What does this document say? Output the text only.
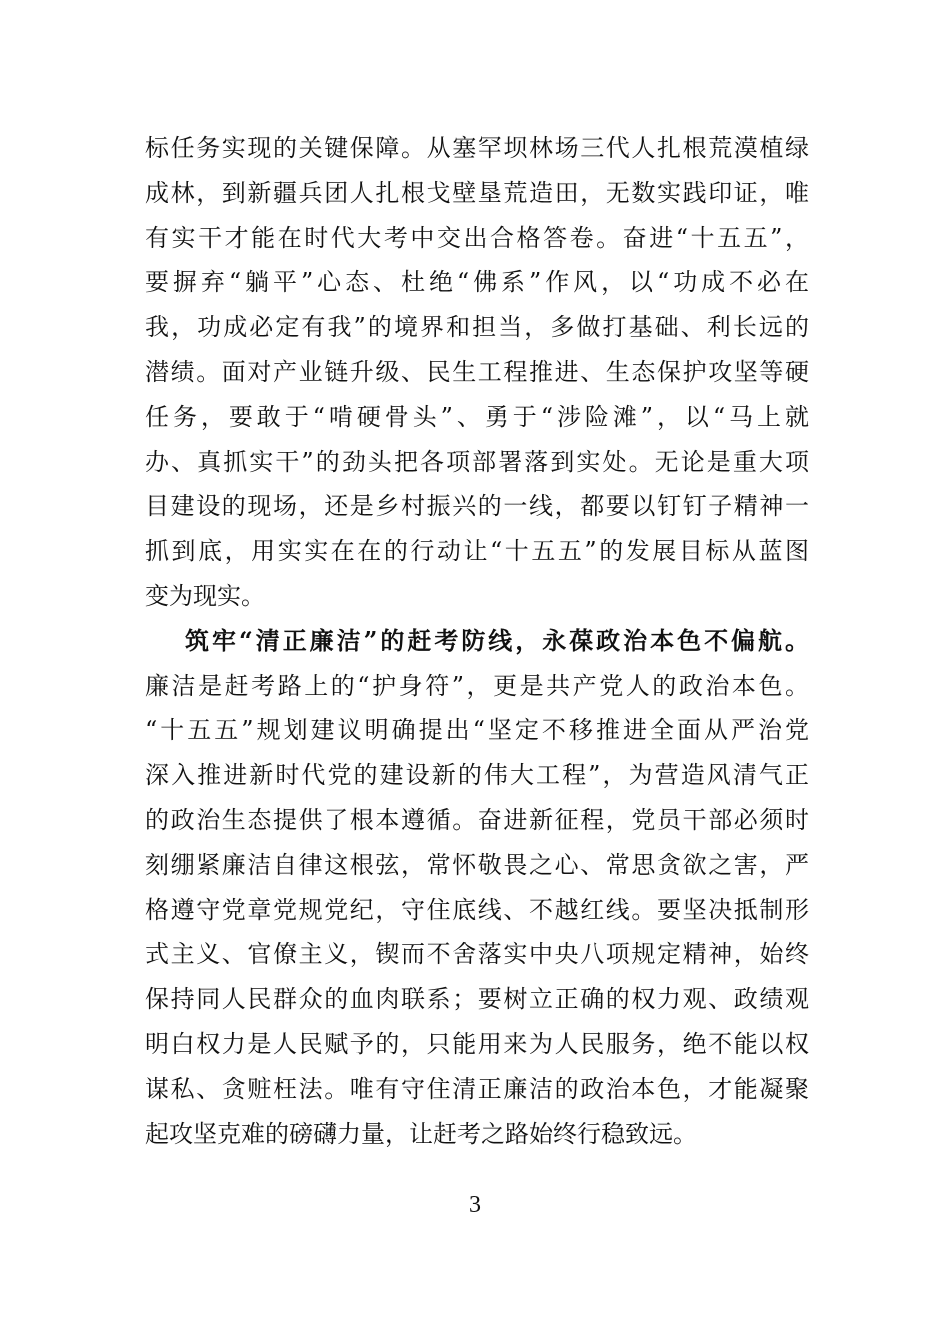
标任务实现的关键保障。从塞罕坝林场三代人扎根荒漠植绿
成林，到新疆兵团人扎根戈壁垦荒造田，无数实践印证，唯
有实干才能在时代大考中交出合格答卷。奋进“十五五”，
要摒弃“躺平”心态、杜绝“佛系”作风，以“功成不必在
我，功成必定有我”的境界和担当，多做打基础、利长远的
潜绩。面对产业链升级、民生工程推进、生态保护攻坚等硬
任务，要敢于“啃硬骨头”、勇于“涉险滩”，以“马上就
办、真抓实干”的劲头把各项部署落到实处。无论是重大项
目建设的现场，还是乡村振兴的一线，都要以钉钉子精神一
抓到底，用实实在在的行动让“十五五”的发展目标从蓝图
变为现实。
筑牢“清正廉洁”的赶考防线，永葆政治本色不偏航。
廉洁是赶考路上的“护身符”，更是共产党人的政治本色。
“十五五”规划建议明确提出“坚定不移推进全面从严治党
深入推进新时代党的建设新的伟大工程”，为营造风清气正
的政治生态提供了根本遵循。奋进新征程，党员干部必须时
刻绷紧廉洁自律这根弦，常怀敬畏之心、常思贪欲之害，严
格遵守党章党规党纪，守住底线、不越红线。要坚决抵制形
式主义、官僚主义，锲而不舍落实中央八项规定精神，始终
保持同人民群众的血肉联系；要树立正确的权力观、政绩观
明白权力是人民赋予的，只能用来为人民服务，绝不能以权
谋私、贪赃枉法。唯有守住清正廉洁的政治本色，才能凝聚
起攻坚克难的磅礴力量，让赶考之路始终行稳致远。
3
